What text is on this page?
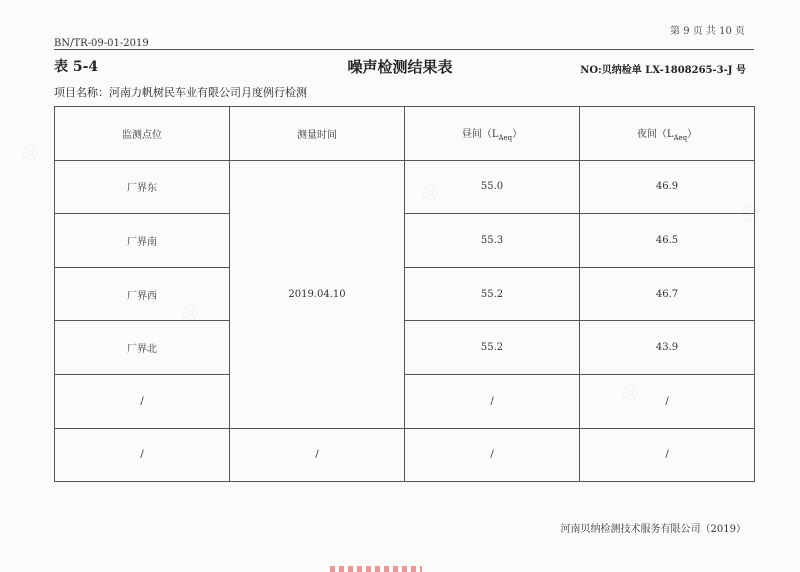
◎
◎
◎
◎
◎
第 9 页 共 10 页
BN/TR-09-01-2019
表 5-4	噪声检测结果表	NO:贝纳检单 LX-1808265-3-J 号
项目名称：河南力帆树民车业有限公司月度例行检测
监测点位	测量时间	昼间$(L_{Aeq})$	夜间$(L_{Aeq})$
厂界东	2019.04.10	55.0	46.9
厂界南		55.3	46.5
厂界西		55.2	46.7
厂界北		55.2	43.9
/		/	/
/	/	/	/
河南贝纳检测技术服务有限公司（2019）
